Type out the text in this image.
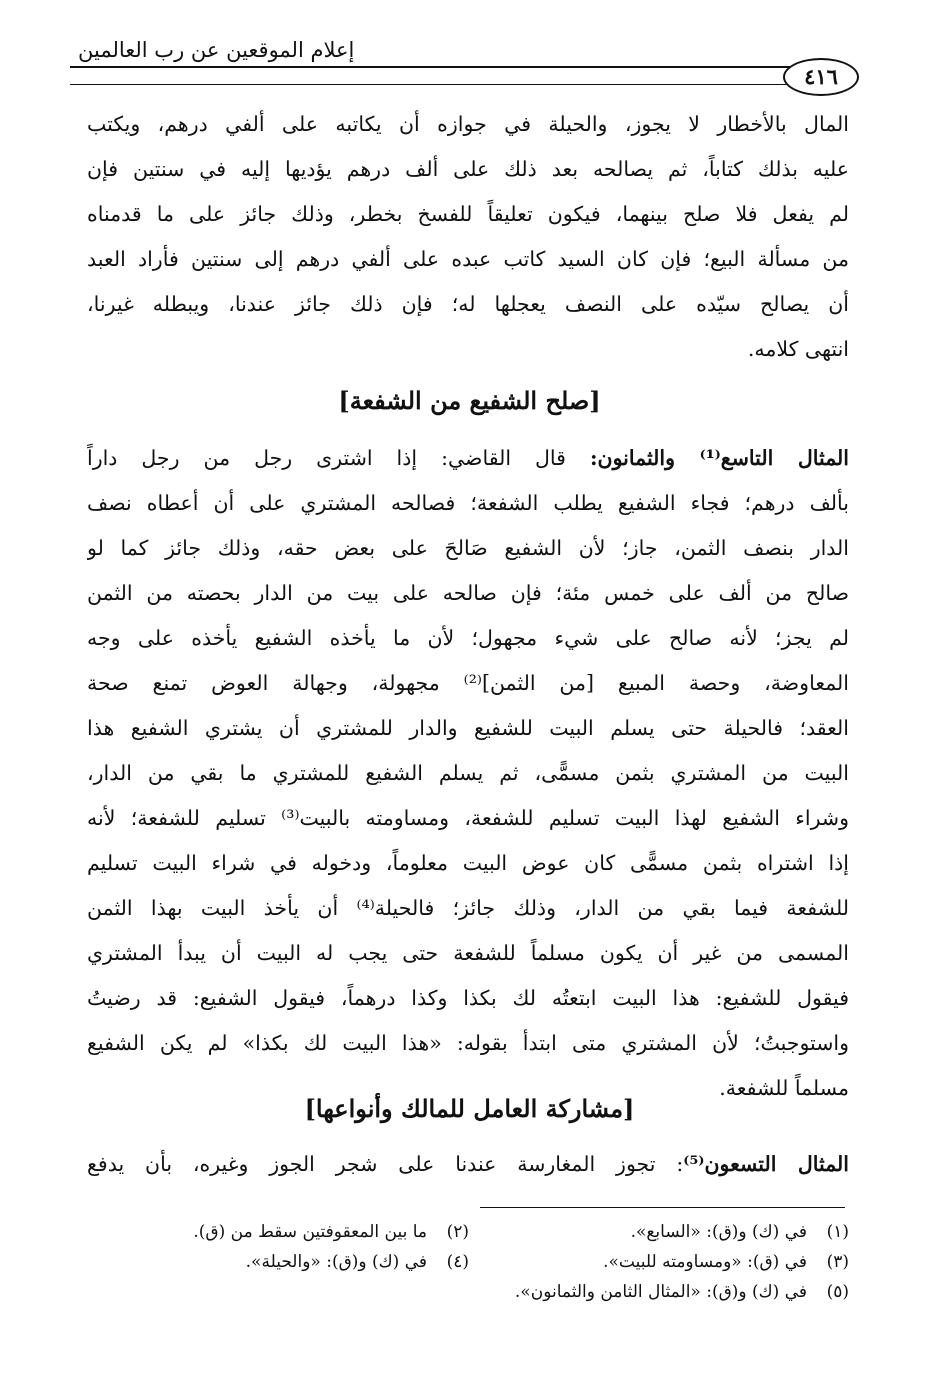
إعلام الموقعين عن رب العالمين
٤١٦
المال بالأخطار لا يجوز، والحيلة في جوازه أن يكاتبه على ألفي درهم، ويكتب
عليه بذلك كتاباً، ثم يصالحه بعد ذلك على ألف درهم يؤديها إليه في سنتين فإن
لم يفعل فلا صلح بينهما، فيكون تعليقاً للفسخ بخطر، وذلك جائز على ما قدمناه
من مسألة البيع؛ فإن كان السيد كاتب عبده على ألفي درهم إلى سنتين فأراد العبد
أن يصالح سيّده على النصف يعجلها له؛ فإن ذلك جائز عندنا، ويبطله غيرنا،
انتهى كلامه.
[صلح الشفيع من الشفعة]
المثال التاسع⁽¹⁾ والثمانون: قال القاضي: إذا اشترى رجل من رجل داراً
بألف درهم؛ فجاء الشفيع يطلب الشفعة؛ فصالحه المشتري على أن أعطاه نصف
الدار بنصف الثمن، جاز؛ لأن الشفيع صَالحَ على بعض حقه، وذلك جائز كما لو
صالح من ألف على خمس مئة؛ فإن صالحه على بيت من الدار بحصته من الثمن
لم يجز؛ لأنه صالح على شيء مجهول؛ لأن ما يأخذه الشفيع يأخذه على وجه
المعاوضة، وحصة المبيع [من الثمن]⁽²⁾ مجهولة، وجهالة العوض تمنع صحة
العقد؛ فالحيلة حتى يسلم البيت للشفيع والدار للمشتري أن يشتري الشفيع هذا
البيت من المشتري بثمن مسمًّى، ثم يسلم الشفيع للمشتري ما بقي من الدار،
وشراء الشفيع لهذا البيت تسليم للشفعة، ومساومته بالبيت⁽³⁾ تسليم للشفعة؛ لأنه
إذا اشتراه بثمن مسمًّى كان عوض البيت معلوماً، ودخوله في شراء البيت تسليم
للشفعة فيما بقي من الدار، وذلك جائز؛ فالحيلة⁽⁴⁾ أن يأخذ البيت بهذا الثمن
المسمى من غير أن يكون مسلماً للشفعة حتى يجب له البيت أن يبدأ المشتري
فيقول للشفيع: هذا البيت ابتعتُه لك بكذا وكذا درهماً، فيقول الشفيع: قد رضيتُ
واستوجبتُ؛ لأن المشتري متى ابتدأ بقوله: «هذا البيت لك بكذا» لم يكن الشفيع
مسلماً للشفعة.
[مشاركة العامل للمالك وأنواعها]
المثال التسعون⁽⁵⁾: تجوز المغارسة عندنا على شجر الجوز وغيره، بأن يدفع
(١)في (ك) و(ق): «السابع».
(٢)ما بين المعقوفتين سقط من (ق).
(٣)في (ق): «ومساومته للبيت».
(٤)في (ك) و(ق): «والحيلة».
(٥)في (ك) و(ق): «المثال الثامن والثمانون».
